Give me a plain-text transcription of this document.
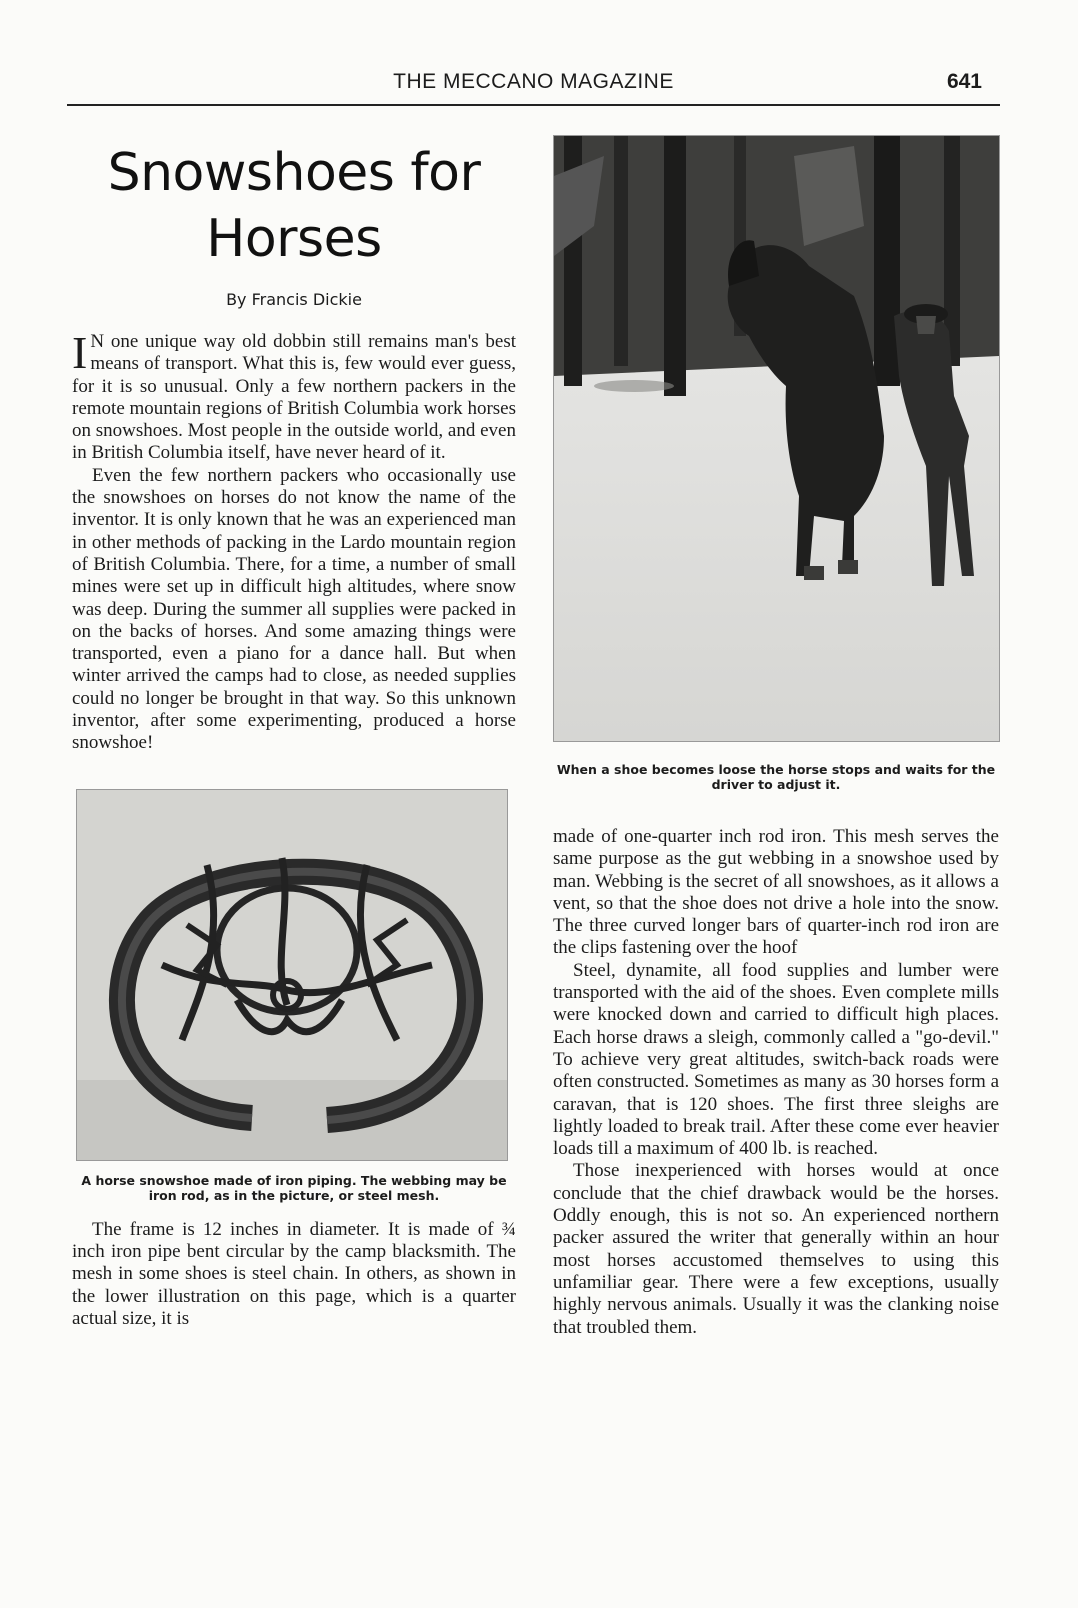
THE MECCANO MAGAZINE	641
Snowshoes for
Horses
By Francis Dickie

I N one unique way old dobbin still remains man's best means of transport. What this is, few would ever guess, for it is so unusual. Only a few northern packers in the remote mountain regions of British Columbia work horses on snowshoes. Most people in the outside world, and even in British Columbia itself, have never heard of it.

Even the few northern packers who occasionally use the snowshoes on horses do not know the name of the inventor. It is only known that he was an experienced man in other methods of packing in the Lardo mountain region of British Columbia. There, for a time, a number of small mines were set up in difficult high altitudes, where snow was deep. During the summer all supplies were packed in on the backs of horses. And some amazing things were transported, even a piano for a dance hall. But when winter arrived the camps had to close, as needed supplies could no longer be brought in that way. So this unknown inventor, after some experimenting, produced a horse snowshoe!

A horse snowshoe made of iron piping. The webbing may be iron rod, as in the picture, or steel mesh.

The frame is 12 inches in diameter. It is made of ¾ inch iron pipe bent circular by the camp blacksmith. The mesh in some shoes is steel chain. In others, as shown in the lower illustration on this page, which is a quarter actual size, it is

When a shoe becomes loose the horse stops and waits for the driver to adjust it.

made of one-quarter inch rod iron. This mesh serves the same purpose as the gut webbing in a snowshoe used by man. Webbing is the secret of all snowshoes, as it allows a vent, so that the shoe does not drive a hole into the snow. The three curved longer bars of quarter-inch rod iron are the clips fastening over the hoof

Steel, dynamite, all food supplies and lumber were transported with the aid of the shoes. Even complete mills were knocked down and carried to difficult high places. Each horse draws a sleigh, commonly called a "go-devil." To achieve very great altitudes, switch-back roads were often constructed. Sometimes as many as 30 horses form a caravan, that is 120 shoes. The first three sleighs are lightly loaded to break trail. After these come ever heavier loads till a maximum of 400 lb. is reached.

Those inexperienced with horses would at once conclude that the chief drawback would be the horses. Oddly enough, this is not so. An experienced northern packer assured the writer that generally within an hour most horses accustomed themselves to using this unfamiliar gear. There were a few exceptions, usually highly nervous animals. Usually it was the clanking noise that troubled them.
